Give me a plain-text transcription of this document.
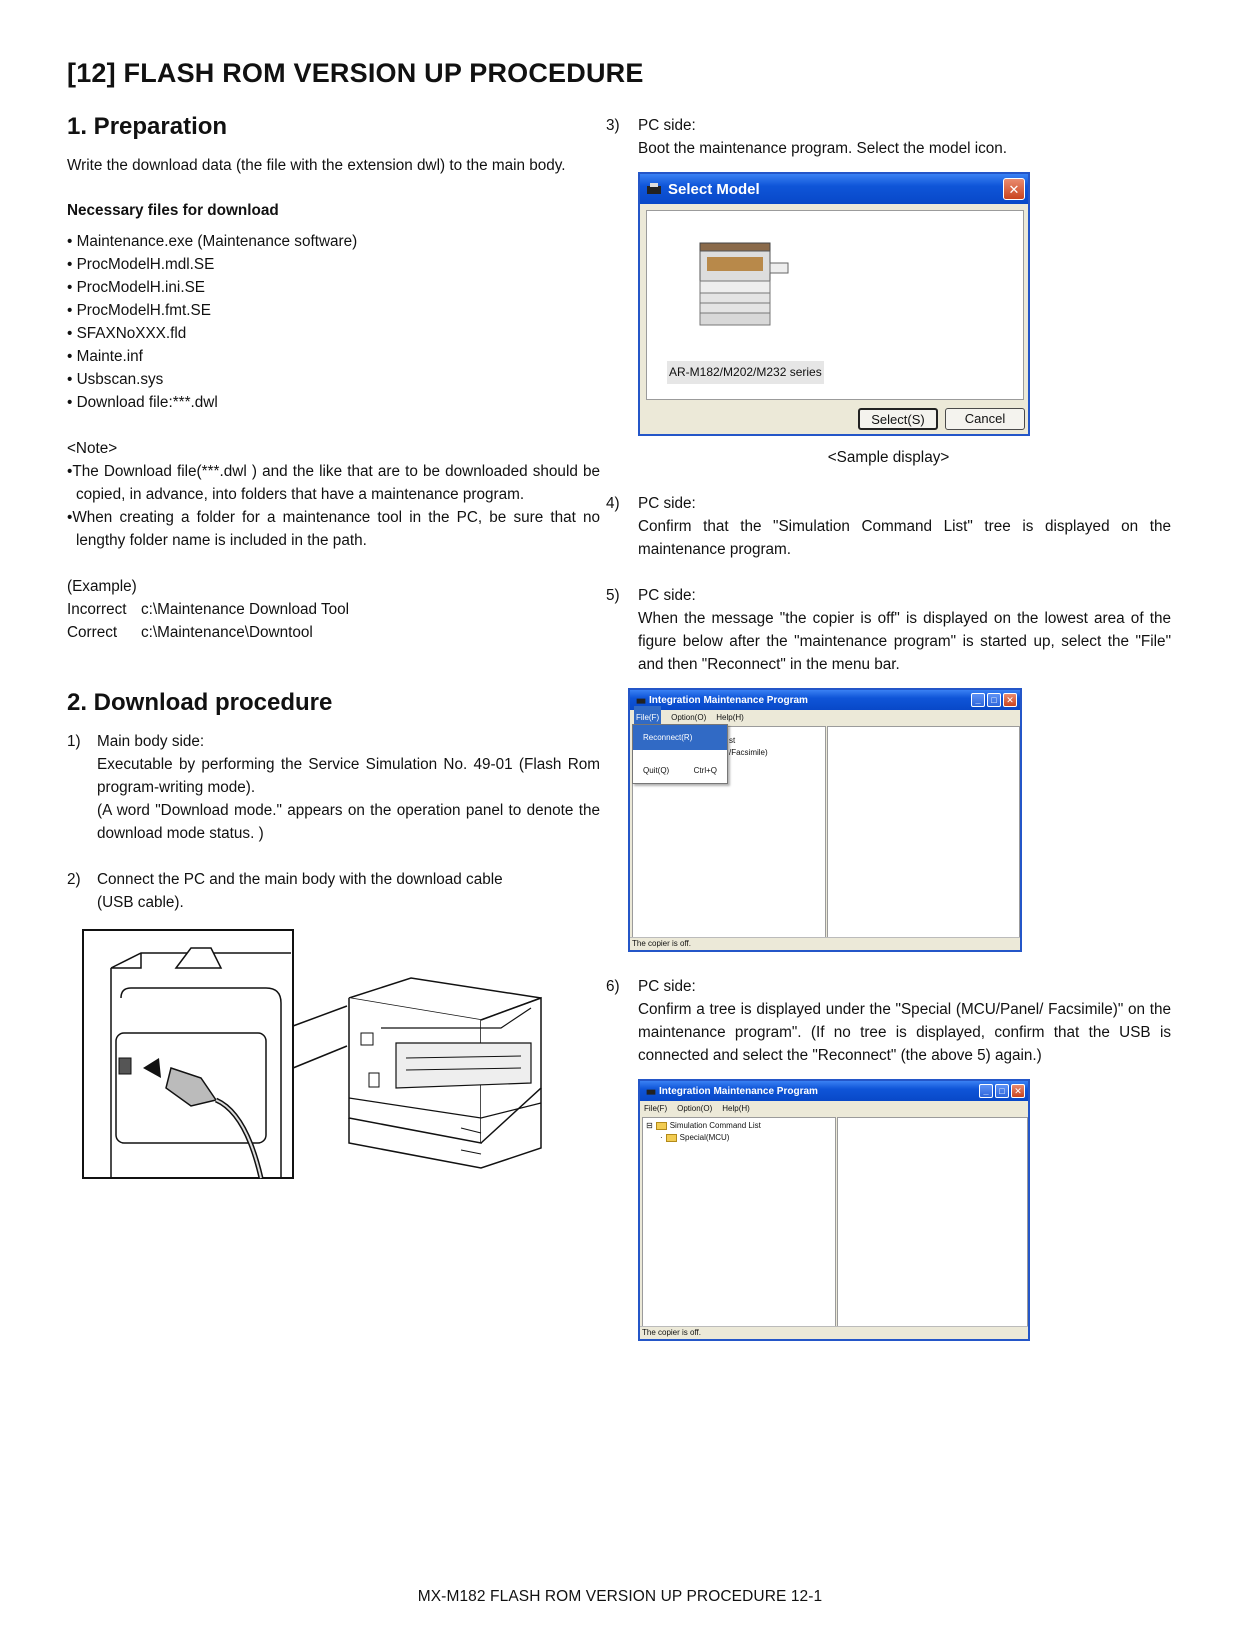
[12] FLASH ROM VERSION UP PROCEDURE
1. Preparation

Write the download data (the file with the extension dwl) to the main body.

Necessary files for download

• Maintenance.exe (Maintenance software)
• ProcModelH.mdl.SE
• ProcModelH.ini.SE
• ProcModelH.fmt.SE
• SFAXNoXXX.fld
• Mainte.inf
• Usbscan.sys
• Download file:***.dwl

<Note>

•The Download file(***.dwl ) and the like that are to be downloaded should be copied, in advance, into folders that have a maintenance program.

•When creating a folder for a maintenance tool in the PC, be sure that no lengthy folder name is included in the path.

(Example)

Incorrect c:\Maintenance Download Tool
Correct	c:\Maintenance\Downtool
2. Download procedure
1)	Main body side:

Executable by performing the Service Simulation No. 49-01 (Flash Rom program-writing mode).

(A word "Download mode." appears on the operation panel to denote the download mode status. )

2)	Connect the PC and the main body with the download cable

(USB cable).

3)	PC side:

Boot the maintenance program. Select the model icon.

Select Model	✕
AR-M182/M202/M232 series
Select(S)	Cancel

<Sample display>

4)	PC side:

Confirm that the "Simulation Command List" tree is displayed on the maintenance program.

5)	PC side:

When the message "the copier is off" is displayed on the lowest area of the figure below after the "maintenance program" is started up, select the "File" and then "Reconnect" in the menu bar.

Integration Maintenance Program	_	□	✕
File(F) Option(O) Help(H)
st
/Facsimile)
Reconnect(R)
Quit(Q)	Ctrl+Q
The copier is off.
6)	PC side:

Confirm a tree is displayed under the "Special (MCU/Panel/ Facsimile)" on the maintenance program". (If no tree is displayed, confirm that the USB is connected and select the "Reconnect" (the above 5) again.)

Integration Maintenance Program	_	□	✕
File(F) Option(O) Help(H)
⊟ Simulation Command List
· Special(MCU)
The copier is off.
MX-M182 FLASH ROM VERSION UP PROCEDURE 12-1
